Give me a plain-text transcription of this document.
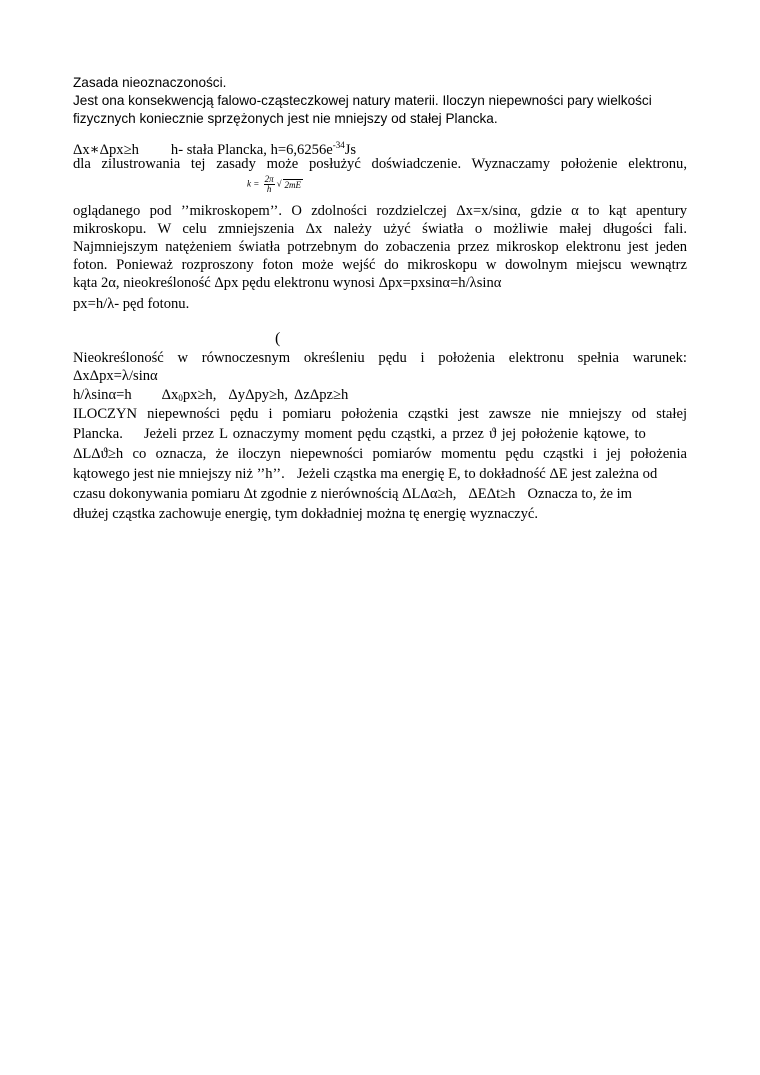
Zasada nieoznaczoności.
Jest ona konsekwencją falowo-cząsteczkowej natury materii. Iloczyn niepewności pary wielkości
fizycznych koniecznie sprzężonych jest nie mniejszy od stałej Plancka.
Δx∗Δpx≥h h- stała Plancka, $h=6,6256e^{-34}Js$
dla zilustrowania tej zasady może posłużyć doświadczenie. Wyznaczamy położenie elektronu,
$k = \frac{2\pi}{h}$ √ 2mE
oglądanego pod ’’mikroskopem’’. O zdolności rozdzielczej Δx=x/sinα, gdzie α to kąt apentury
mikroskopu. W celu zmniejszenia Δx należy użyć światła o możliwie małej długości fali.
Najmniejszym natężeniem światła potrzebnym do zobaczenia przez mikroskop elektronu jest jeden
foton. Ponieważ rozproszony foton może wejść do mikroskopu w dowolnym miejscu wewnątrz
kąta 2α, nieokreśloność Δpx pędu elektronu wynosi Δpx=pxsinα=h/λsinα
px=h/λ- pęd fotonu.
(
Nieokreśloność w równoczesnym określeniu pędu i położenia elektronu spełnia warunek:
ΔxΔpx=λ/sinα
h/λsinα=h $\Delta x_0px\ge h$, ΔyΔpy≥h, ΔzΔpz≥h
ILOCZYN niepewności pędu i pomiaru położenia cząstki jest zawsze nie mniejszy od stałej
Plancka. Jeżeli przez L oznaczymy moment pędu cząstki, a przez ϑ jej położenie kątowe, to
ΔLΔϑ≥h co oznacza, że iloczyn niepewności pomiarów momentu pędu cząstki i jej położenia
kątowego jest nie mniejszy niż ’’h’’. Jeżeli cząstka ma energię E, to dokładność ΔE jest zależna od
czasu dokonywania pomiaru Δt zgodnie z nierównością ΔLΔα≥h, ΔEΔt≥h Oznacza to, że im
dłużej cząstka zachowuje energię, tym dokładniej można tę energię wyznaczyć.
